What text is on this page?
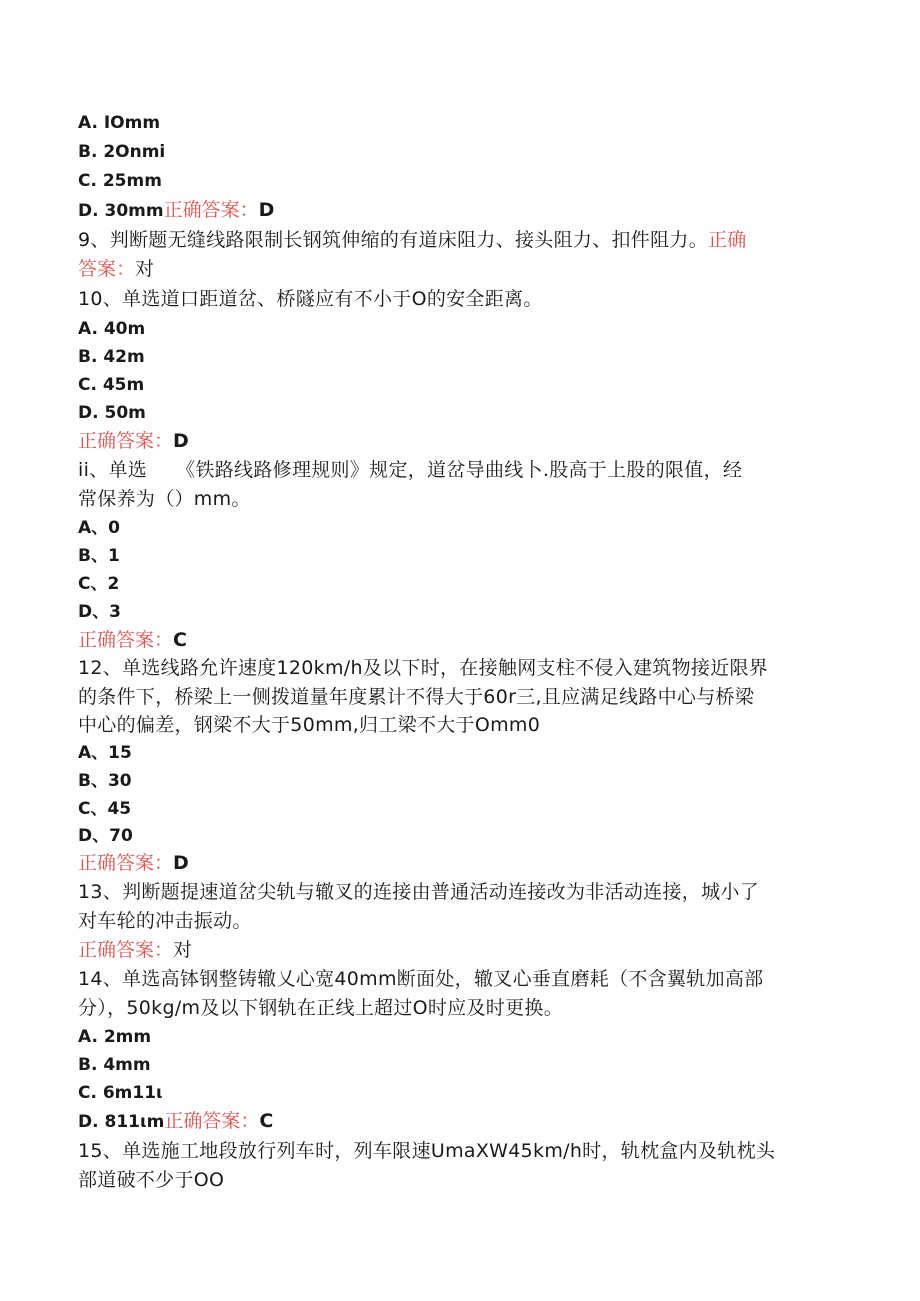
A. IOmm
B. 2Onmi
C. 25mm
D. 30mm正确答案：D
9、判断题无缝线路限制长钢筑伸缩的有道床阻力、接头阻力、扣件阻力。正确
答案：对
10、单选道口距道岔、桥隧应有不小于O的安全距离。
A. 40m
B. 42m
C. 45m
D. 50m
正确答案：D
ii、单选　　《铁路线路修理规则》规定，道岔导曲线卜.股高于上股的限值，经
常保养为（）mm。
A、0
B、1
C、2
D、3
正确答案：C
12、单选线路允许速度120km/h及以下时，在接触网支柱不侵入建筑物接近限界
的条件下，桥梁上一侧拨道量年度累计不得大于60r三,且应满足线路中心与桥梁
中心的偏差，钢梁不大于50mm,归工梁不大于Omm0
A、15
B、30
C、45
D、70
正确答案：D
13、判断题提速道岔尖轨与辙叉的连接由普通活动连接改为非活动连接，城小了
对车轮的冲击振动。
正确答案：对
14、单选高钵钢整铸辙乂心宽40mm断面处，辙叉心垂直磨耗（不含翼轨加高部
分），50kg/m及以下钢轨在正线上超过O时应及时更换。
A. 2mm
B. 4mm
C. 6m11ι
D. 811ιm正确答案：C
15、单选施工地段放行列车时，列车限速UmaXW45km/h时，轨枕盒内及轨枕头
部道破不少于OO
